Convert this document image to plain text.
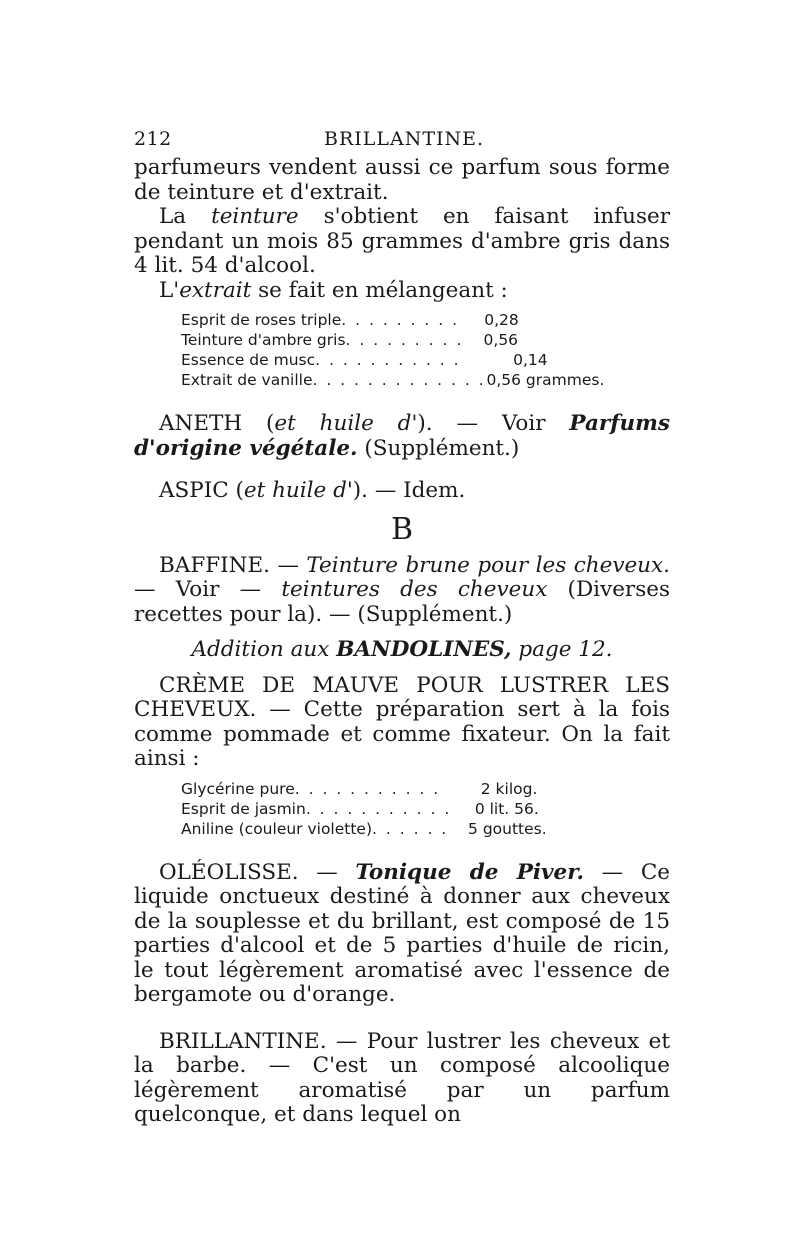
212	BRILLANTINE.

parfumeurs vendent aussi ce parfum sous forme de teinture et d'extrait.

La teinture s'obtient en faisant infuser pendant un mois 85 grammes d'ambre gris dans 4 lit. 54 d'alcool.

L'extrait se fait en mélangeant :

Esprit de roses triple . . . . . . . . .	0,28
Teinture d'ambre gris . . . . . . . . .	0,56
Essence de musc . . . . . . . . . . .	0,14
Extrait de vanille . . . . . . . . . . . . . 0,56 grammes.

ANETH (et huile d'). — Voir Parfums d'origine végétale. (Supplément.)

ASPIC (et huile d'). — Idem.

B

BAFFINE. — Teinture brune pour les cheveux. — Voir — teintures des cheveux (Diverses recettes pour la). — (Supplément.)

Addition aux BANDOLINES, page 12.

CRÈME DE MAUVE POUR LUSTRER LES CHEVEUX. — Cette préparation sert à la fois comme pommade et comme fixateur. On la fait ainsi :

Glycérine pure . . . . . . . . . . .	2 kilog.
Esprit de jasmin . . . . . . . . . . .	0 lit. 56.
Aniline (couleur violette) . . . . . .	5 gouttes.

OLÉOLISSE. — Tonique de Piver. — Ce liquide onctueux destiné à donner aux cheveux de la souplesse et du brillant, est composé de 15 parties d'alcool et de 5 parties d'huile de ricin, le tout légèrement aromatisé avec l'essence de bergamote ou d'orange.

BRILLANTINE. — Pour lustrer les cheveux et la barbe. — C'est un composé alcoolique légèrement aromatisé par un parfum quelconque, et dans lequel on
